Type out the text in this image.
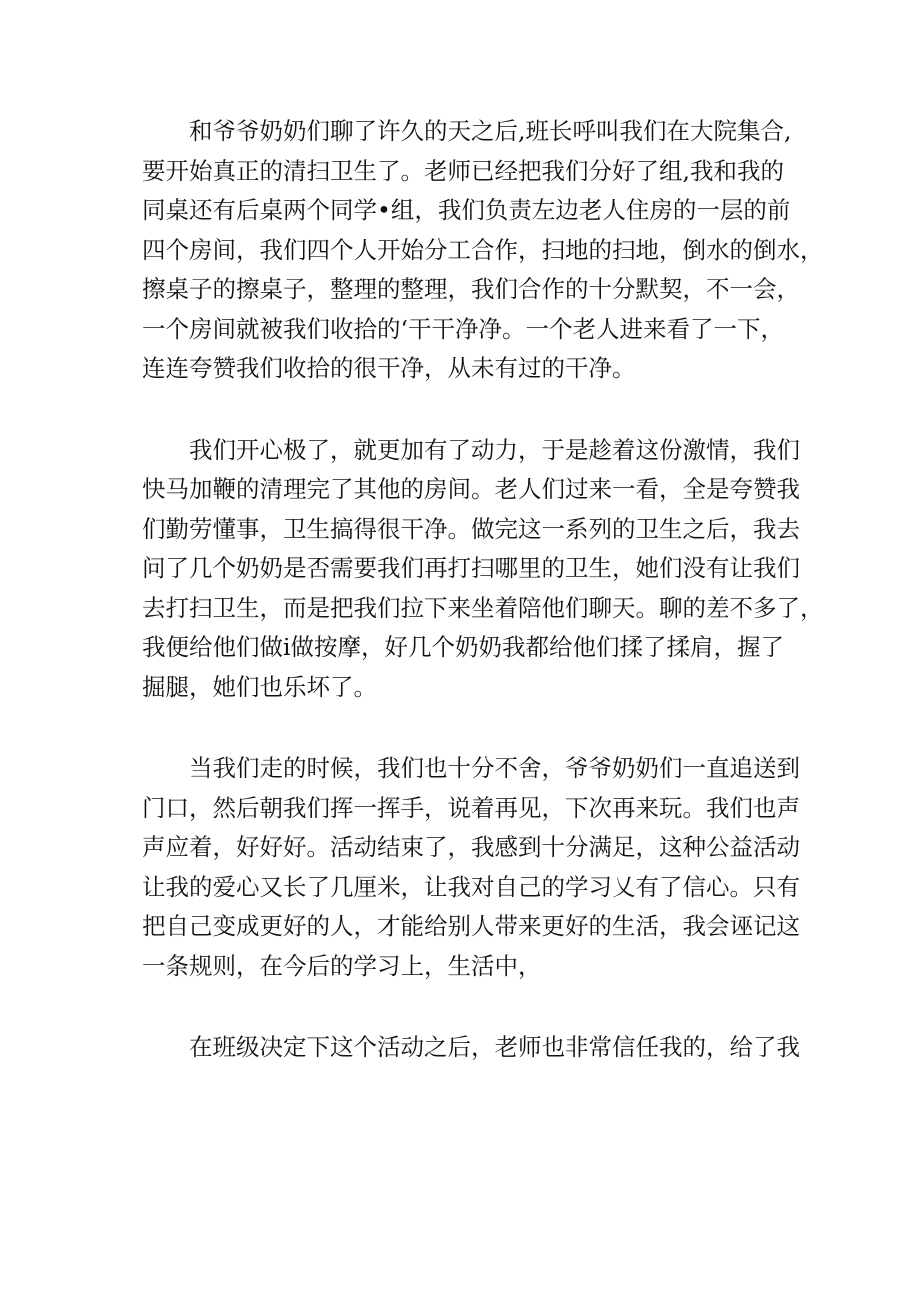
和爷爷奶奶们聊了许久的天之后,班长呼叫我们在大院集合,
要开始真正的清扫卫生了。老师已经把我们分好了组,我和我的
同桌还有后桌两个同学•组，我们负责左边老人住房的一层的前
四个房间，我们四个人开始分工合作，扫地的扫地，倒水的倒水，
擦桌子的擦桌子，整理的整理，我们合作的十分默契，不一会，
一个房间就被我们收拾的‘干干净净。一个老人进来看了一下，
连连夸赞我们收拾的很干净，从未有过的干净。
我们开心极了，就更加有了动力，于是趁着这份激情，我们
快马加鞭的清理完了其他的房间。老人们过来一看，全是夸赞我
们勤劳懂事，卫生搞得很干净。做完这一系列的卫生之后，我去
问了几个奶奶是否需要我们再打扫哪里的卫生，她们没有让我们
去打扫卫生，而是把我们拉下来坐着陪他们聊天。聊的差不多了，
我便给他们做i做按摩，好几个奶奶我都给他们揉了揉肩，握了
掘腿，她们也乐坏了。
当我们走的时候，我们也十分不舍，爷爷奶奶们一直追送到
门口，然后朝我们挥一挥手，说着再见，下次再来玩。我们也声
声应着，好好好。活动结束了，我感到十分满足，这种公益活动
让我的爱心又长了几厘米，让我对自己的学习乂有了信心。只有
把自己变成更好的人，才能给别人带来更好的生活，我会诬记这
一条规则，在今后的学习上，生活中，
在班级决定下这个活动之后，老师也非常信任我的，给了我
